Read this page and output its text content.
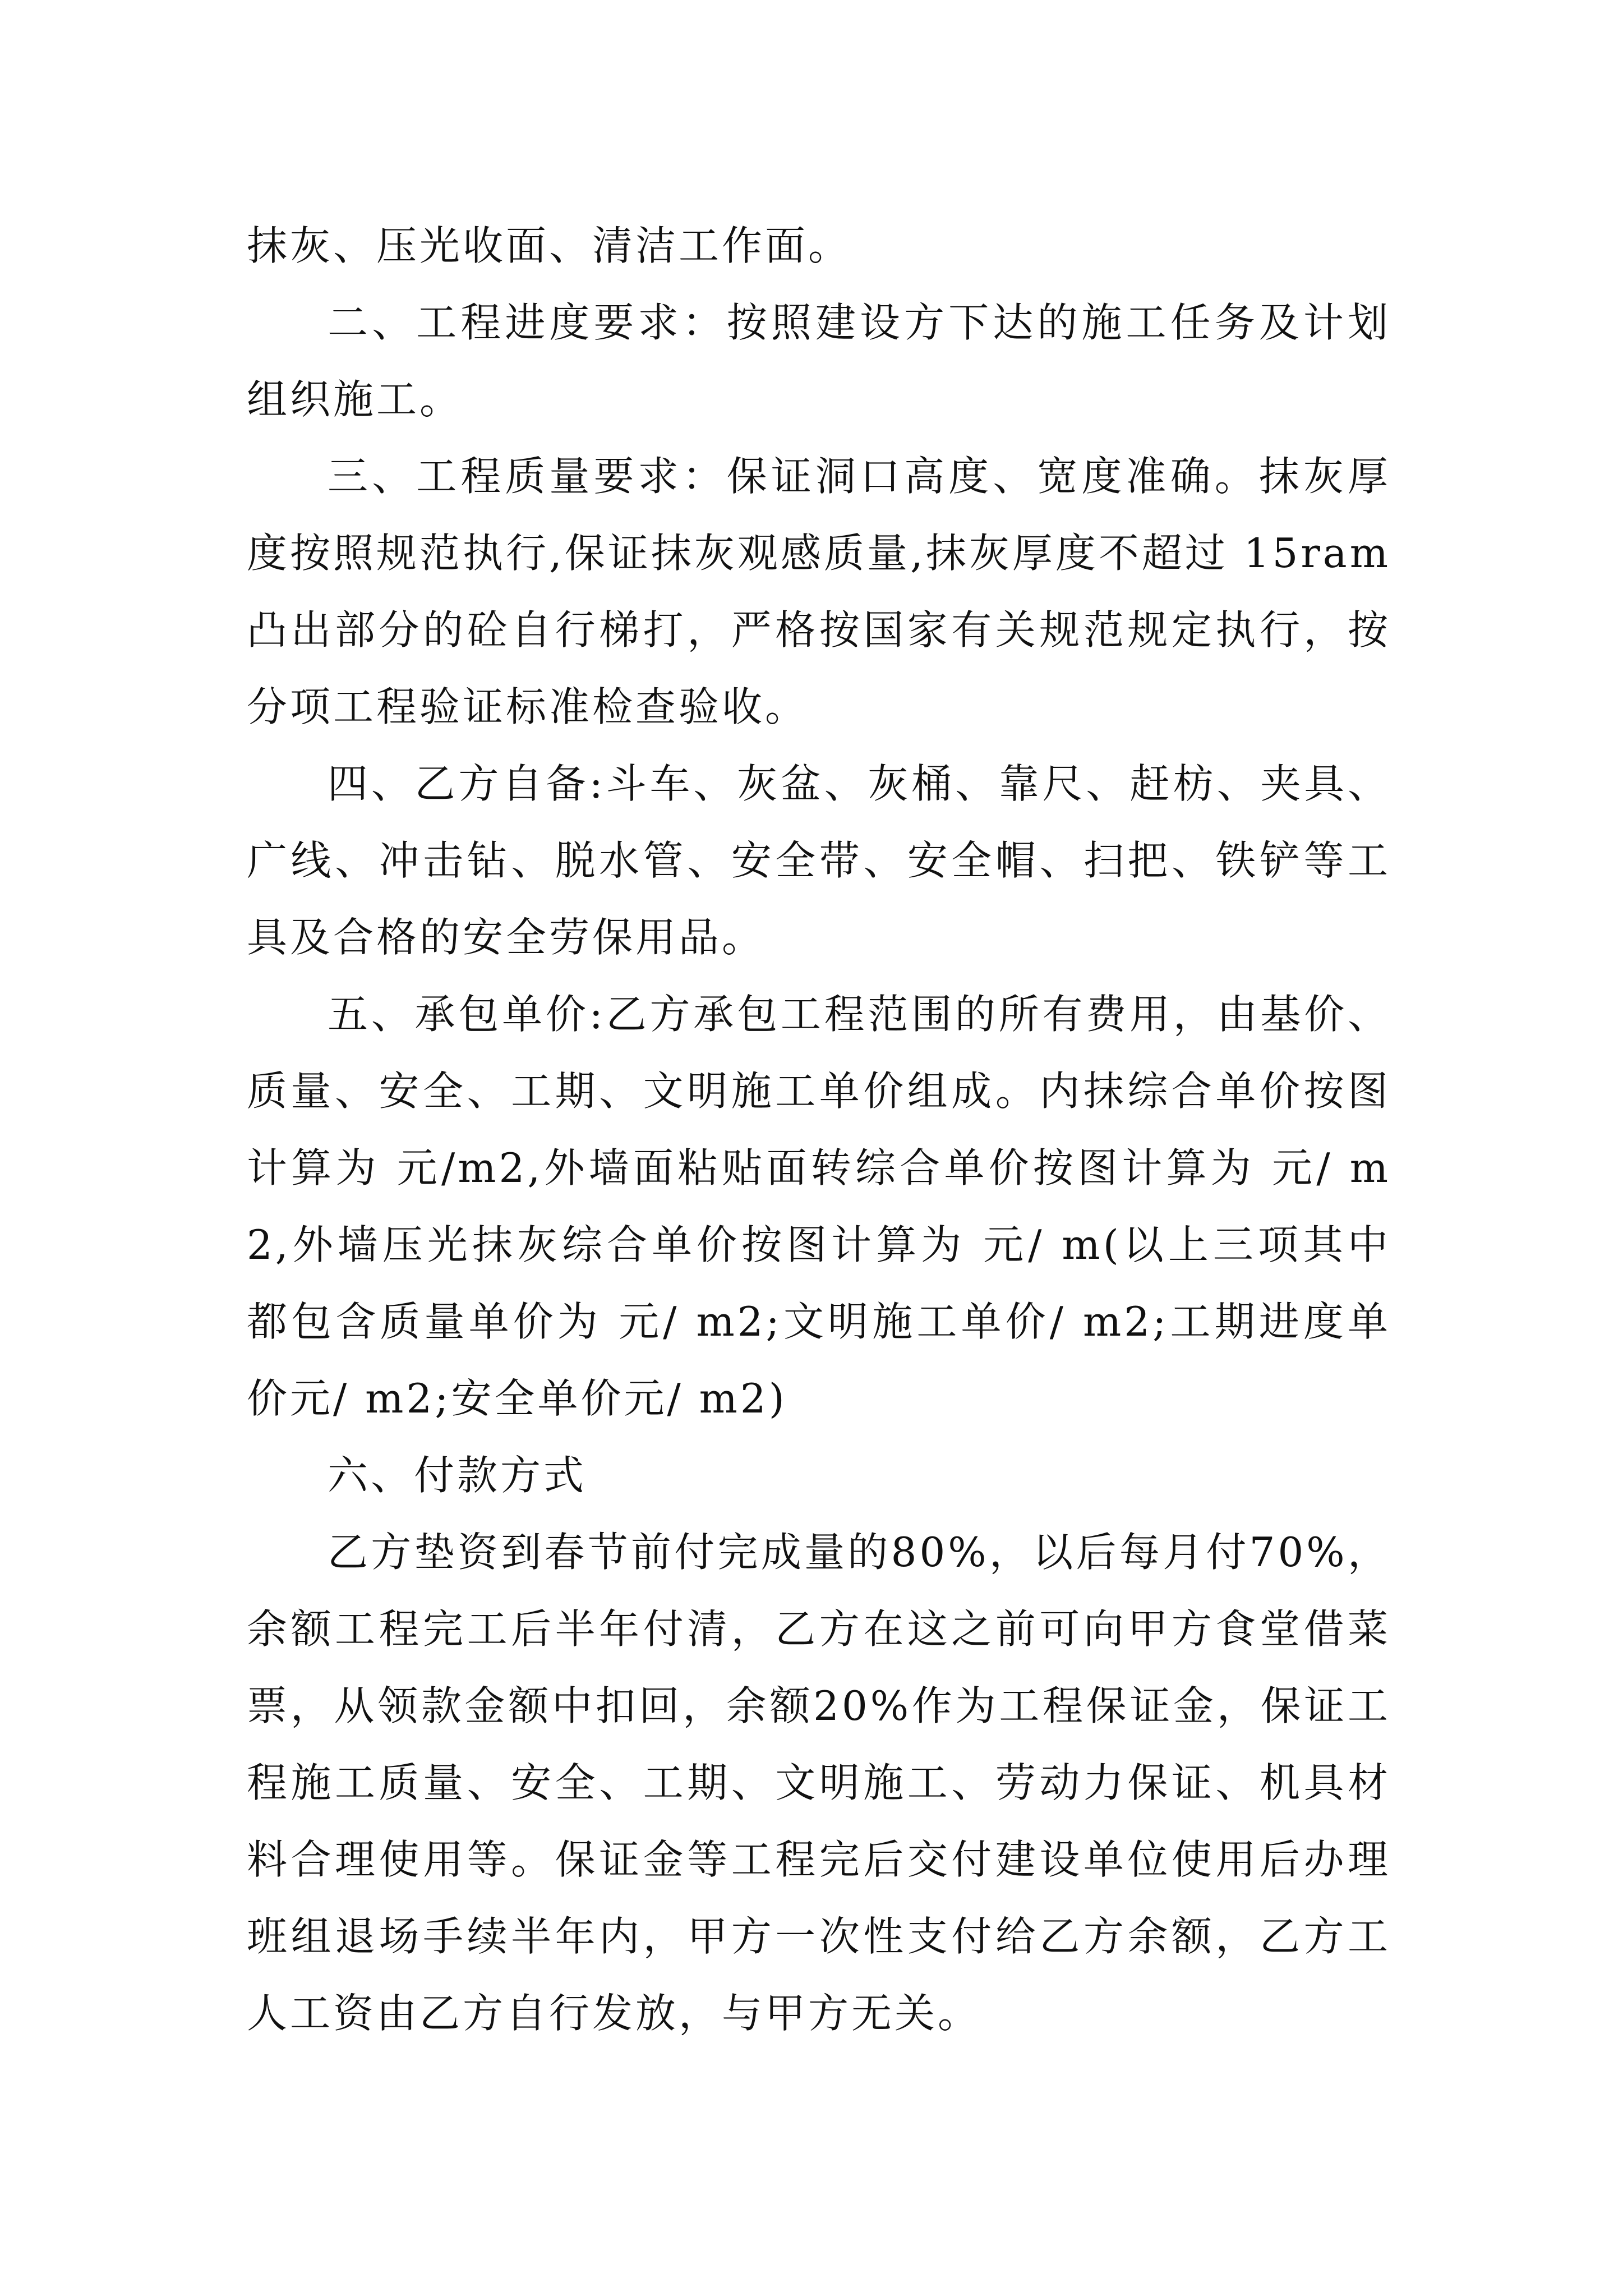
抹灰、压光收面、清洁工作面。

二、工程进度要求：按照建设方下达的施工任务及计划组织施工。

三、工程质量要求：保证洞口高度、宽度准确。抹灰厚度按照规范执行,保证抹灰观感质量,抹灰厚度不超过 15ram凸出部分的砼自行梯打，严格按国家有关规范规定执行，按分项工程验证标准检查验收。

四、乙方自备:斗车、灰盆、灰桶、靠尺、赶枋、夹具、广线、冲击钻、脱水管、安全带、安全帽、扫把、铁铲等工具及合格的安全劳保用品。

五、承包单价:乙方承包工程范围的所有费用，由基价、质量、安全、工期、文明施工单价组成。内抹综合单价按图计算为 元/m2,外墙面粘贴面转综合单价按图计算为 元/ m2,外墙压光抹灰综合单价按图计算为 元/ m(以上三项其中都包含质量单价为 元/ m2;文明施工单价/ m2;工期进度单价元/ m2;安全单价元/ m2)

六、付款方式

乙方垫资到春节前付完成量的80%，以后每月付70%，余额工程完工后半年付清，乙方在这之前可向甲方食堂借菜票，从领款金额中扣回，余额20%作为工程保证金，保证工程施工质量、安全、工期、文明施工、劳动力保证、机具材料合理使用等。保证金等工程完后交付建设单位使用后办理班组退场手续半年内，甲方一次性支付给乙方余额，乙方工人工资由乙方自行发放，与甲方无关。
